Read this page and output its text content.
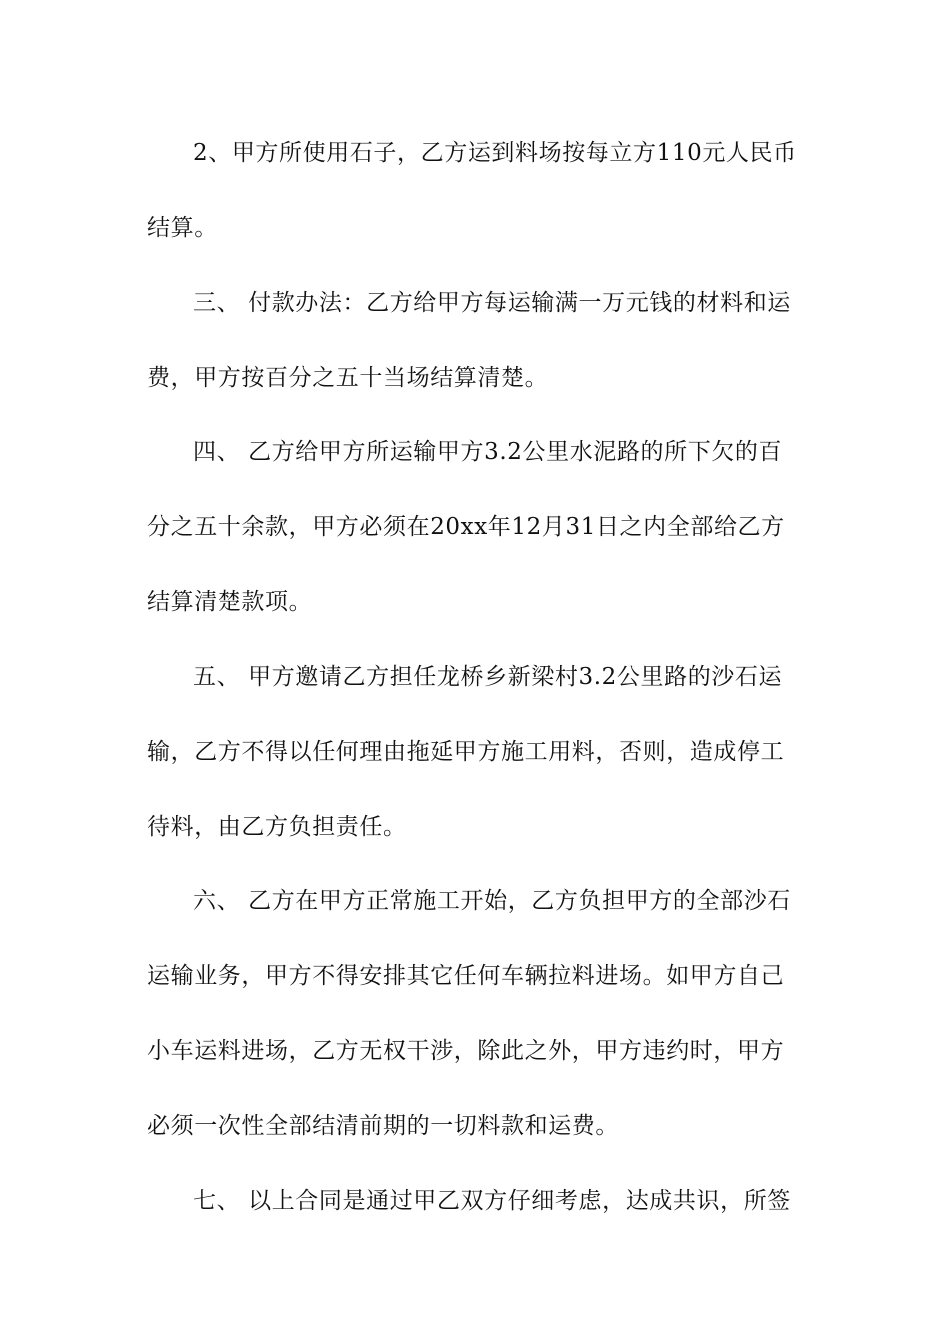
2、甲方所使用石子，乙方运到料场按每立方110元人民币
结算。
三、 付款办法：乙方给甲方每运输满一万元钱的材料和运
费，甲方按百分之五十当场结算清楚。
四、 乙方给甲方所运输甲方3.2公里水泥路的所下欠的百
分之五十余款，甲方必须在20xx年12月31日之内全部给乙方
结算清楚款项。
五、 甲方邀请乙方担任龙桥乡新梁村3.2公里路的沙石运
输，乙方不得以任何理由拖延甲方施工用料，否则，造成停工
待料，由乙方负担责任。
六、 乙方在甲方正常施工开始，乙方负担甲方的全部沙石
运输业务，甲方不得安排其它任何车辆拉料进场。如甲方自己
小车运料进场，乙方无权干涉，除此之外，甲方违约时，甲方
必须一次性全部结清前期的一切料款和运费。
七、 以上合同是通过甲乙双方仔细考虑，达成共识，所签
